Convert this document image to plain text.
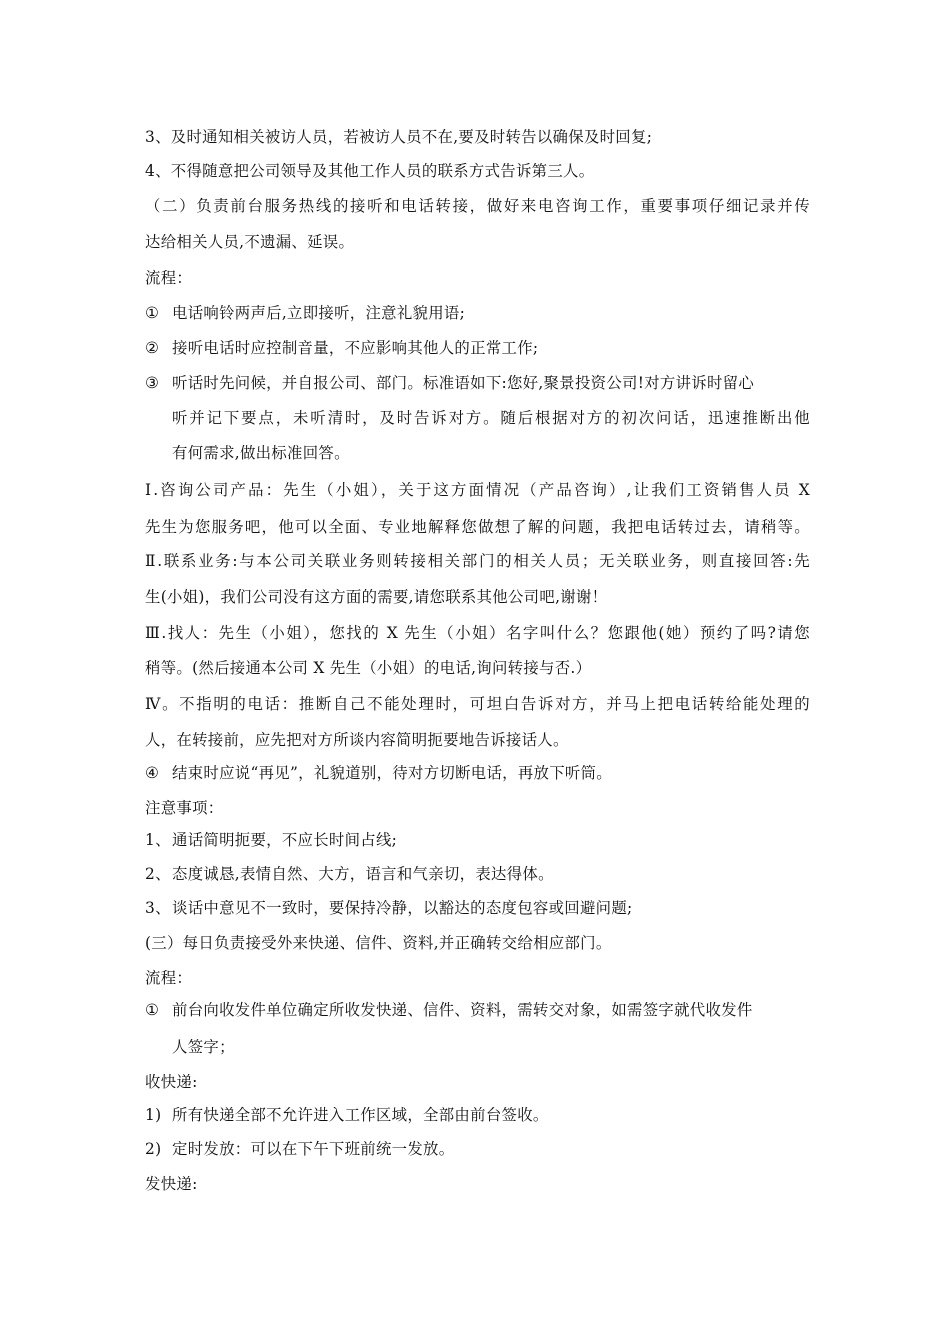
3、及时通知相关被访人员，若被访人员不在,要及时转告以确保及时回复;
4、不得随意把公司领导及其他工作人员的联系方式告诉第三人。
（二）负责前台服务热线的接听和电话转接，做好来电咨询工作，重要事项仔细记录并传
达给相关人员,不遗漏、延误。
流程：
① 电话响铃两声后,立即接听，注意礼貌用语;
② 接听电话时应控制音量，不应影响其他人的正常工作;
③ 听话时先问候，并自报公司、部门。标准语如下:您好,聚景投资公司!对方讲诉时留心
听并记下要点，未听清时，及时告诉对方。随后根据对方的初次问话，迅速推断出他
有何需求,做出标准回答。
Ⅰ.咨询公司产品：先生（小姐），关于这方面情况（产品咨询）,让我们工资销售人员 X
先生为您服务吧，他可以全面、专业地解释您做想了解的问题，我把电话转过去，请稍等。
Ⅱ.联系业务:与本公司关联业务则转接相关部门的相关人员；无关联业务，则直接回答:先
生(小姐)，我们公司没有这方面的需要,请您联系其他公司吧,谢谢！
Ⅲ.找人：先生（小姐），您找的 X 先生（小姐）名字叫什么？您跟他(她）预约了吗?请您
稍等。(然后接通本公司 X 先生（小姐）的电话,询问转接与否.）
Ⅳ。不指明的电话：推断自己不能处理时，可坦白告诉对方，并马上把电话转给能处理的
人，在转接前，应先把对方所谈内容简明扼要地告诉接话人。
④ 结束时应说“再见”，礼貌道别，待对方切断电话，再放下听筒。
注意事项：
1、通话简明扼要，不应长时间占线;
2、态度诚恳,表情自然、大方，语言和气亲切，表达得体。
3、谈话中意见不一致时，要保持冷静，以豁达的态度包容或回避问题;
(三）每日负责接受外来快递、信件、资料,并正确转交给相应部门。
流程：
① 前台向收发件单位确定所收发快递、信件、资料，需转交对象，如需签字就代收发件
人签字；
收快递:
1) 所有快递全部不允许进入工作区域，全部由前台签收。
2) 定时发放：可以在下午下班前统一发放。
发快递:
